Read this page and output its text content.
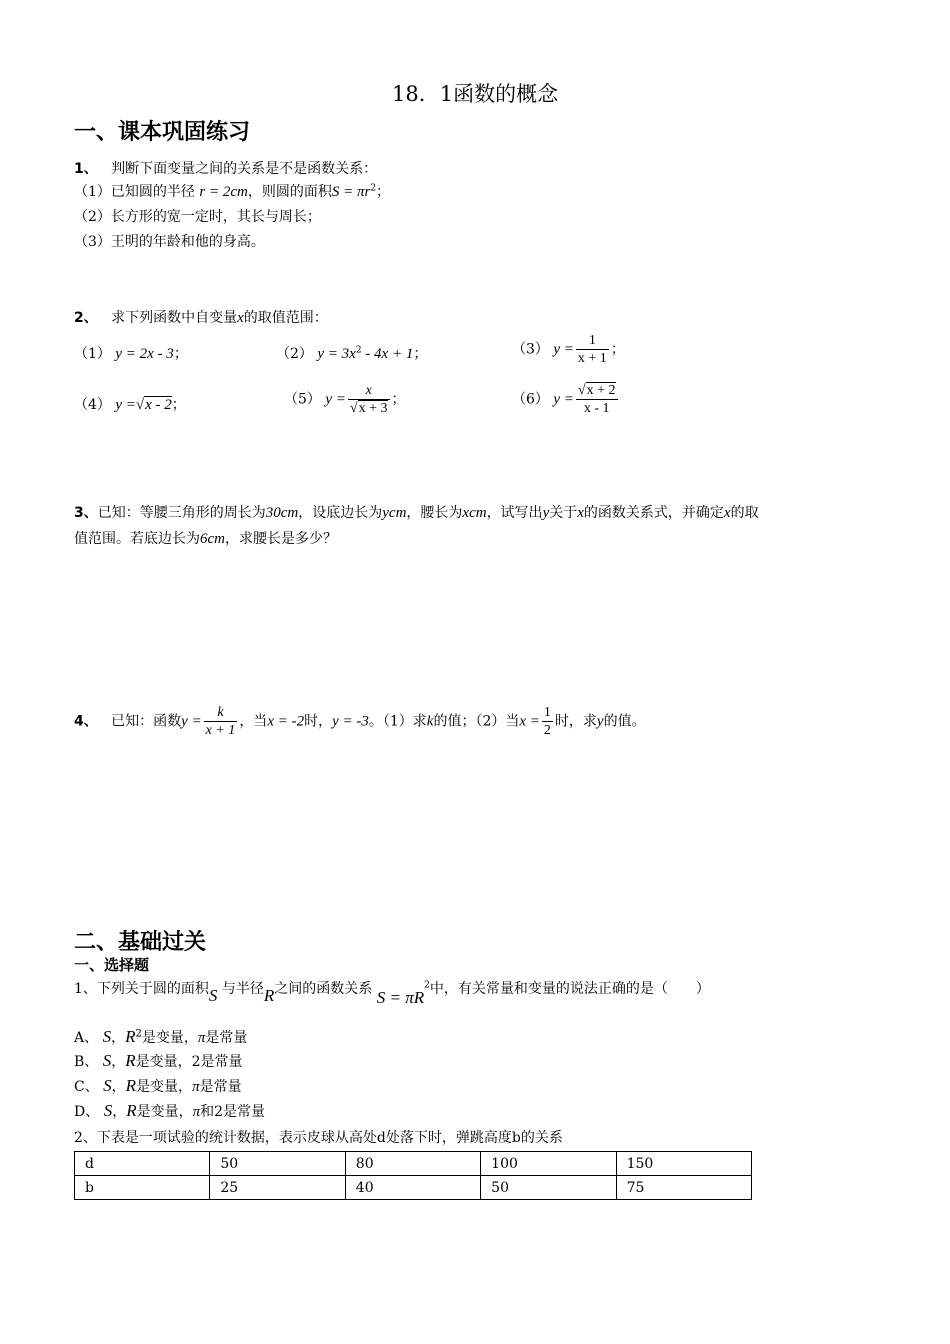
18．1函数的概念
一、课本巩固练习
1、 判断下面变量之间的关系是不是函数关系：
（1）已知圆的半径 r = 2cm，则圆的面积$S = \pi r^2$；
（2）长方形的宽一定时，其长与周长；
（3）王明的年龄和他的身高。
2、 求下列函数中自变量x的取值范围：
（1） y = 2x - 3；	（2） $y = 3x^2 - 4x + 1$；	（3） $y = \frac{1}{x + 1}$ ；
（4） y =√x - 2；	（5） $y = \frac{x}{√x + 3}$ ；	（6） $y = \frac{√x + 2}{x - 1}$
3、已知：等腰三角形的周长为30cm，设底边长为ycm，腰长为xcm，试写出y关于x的函数关系式，并确定x的取
值范围。若底边长为6cm，求腰长是多少？
4、 已知：函数$y = \frac{k}{x + 1}$ ，当x = -2时，y = -3。（1）求k的值；（2）当$x = \frac{1}{2}$ 时，求y的值。
二、基础过关
一、选择题
1、下列关于圆的面积S 与半径R之间的函数关系 $S = \pi R^2$中，有关常量和变量的说法正确的是（　　）
A、 S，$R^2$是变量，π是常量
B、 S，R是变量，2是常量
C、 S，R是变量，π是常量
D、 S，R是变量，π和2是常量
2、下表是一项试验的统计数据，表示皮球从高处d处落下时，弹跳高度b的关系
d	50	80	100	150
b	25	40	50	75
